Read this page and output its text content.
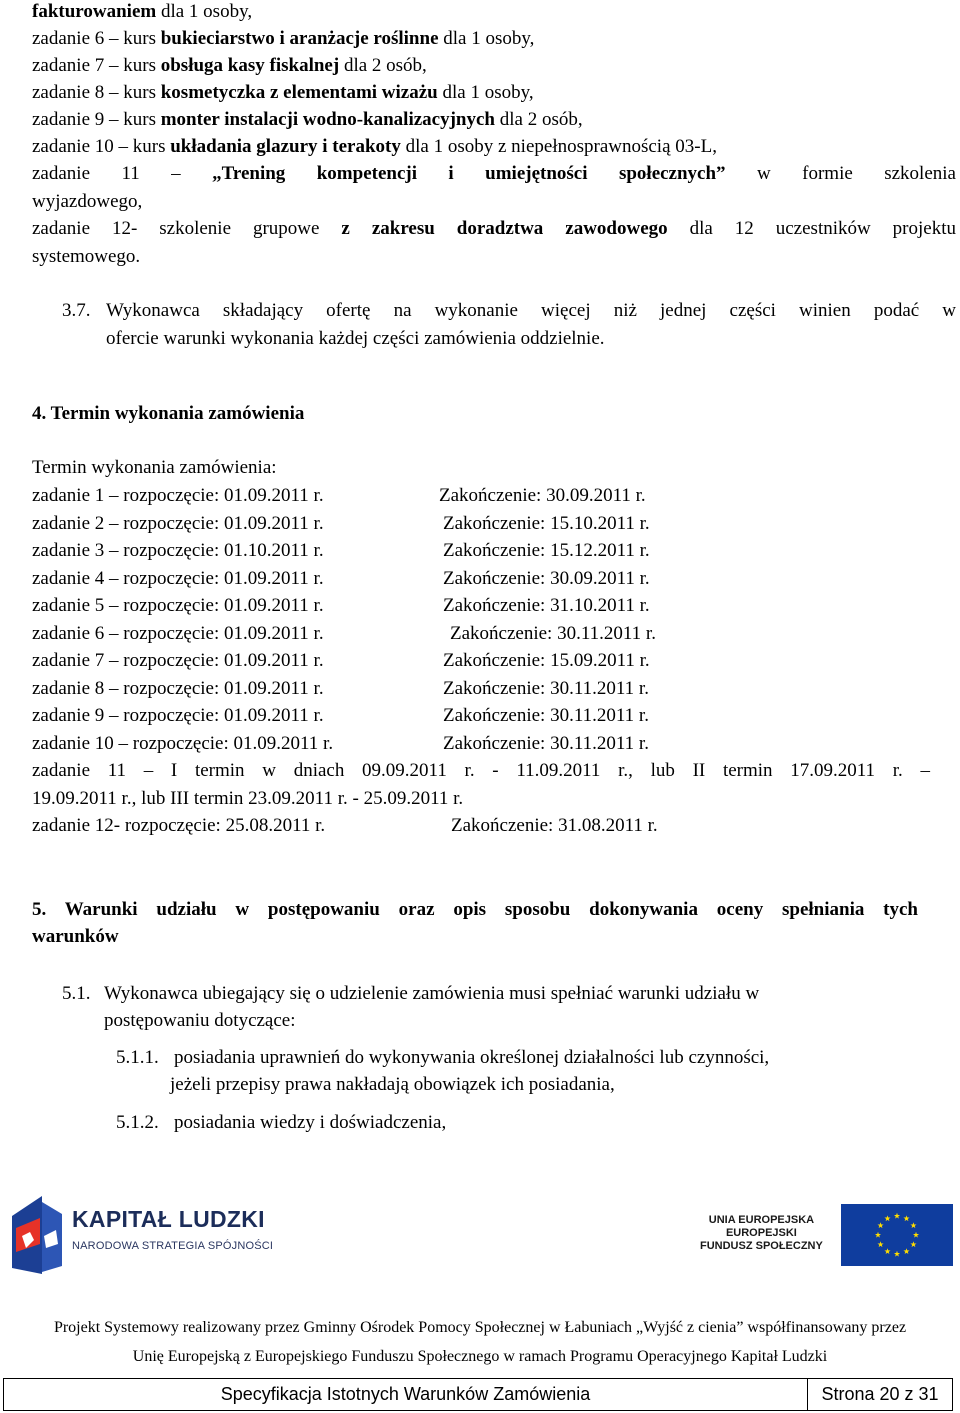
fakturowaniem dla 1 osoby,
zadanie 6 – kurs bukieciarstwo i aranżacje roślinne dla 1 osoby,
zadanie 7 – kurs obsługa kasy fiskalnej dla 2 osób,
zadanie 8 – kurs kosmetyczka z elementami wizażu dla 1 osoby,
zadanie 9 – kurs monter instalacji wodno-kanalizacyjnych dla 2 osób,
zadanie 10 – kurs układania glazury i terakoty dla 1 osoby z niepełnosprawnością 03-L,
zadanie 11 – „Trening kompetencji i umiejętności społecznych” w formie szkolenia
wyjazdowego,
zadanie 12- szkolenie grupowe z zakresu doradztwa zawodowego dla 12 uczestników projektu
systemowego.
3.7. Wykonawca składający ofertę na wykonanie więcej niż jednej części winien podać w
ofercie warunki wykonania każdej części zamówienia oddzielnie.
4. Termin wykonania zamówienia
Termin wykonania zamówienia:
zadanie 1 – rozpoczęcie: 01.09.2011 r.	Zakończenie: 30.09.2011 r.
zadanie 2 – rozpoczęcie: 01.09.2011 r.	Zakończenie: 15.10.2011 r.
zadanie 3 – rozpoczęcie: 01.10.2011 r.	Zakończenie: 15.12.2011 r.
zadanie 4 – rozpoczęcie: 01.09.2011 r.	Zakończenie: 30.09.2011 r.
zadanie 5 – rozpoczęcie: 01.09.2011 r.	Zakończenie: 31.10.2011 r.
zadanie 6 – rozpoczęcie: 01.09.2011 r.	Zakończenie: 30.11.2011 r.
zadanie 7 – rozpoczęcie: 01.09.2011 r.	Zakończenie: 15.09.2011 r.
zadanie 8 – rozpoczęcie: 01.09.2011 r.	Zakończenie: 30.11.2011 r.
zadanie 9 – rozpoczęcie: 01.09.2011 r.	Zakończenie: 30.11.2011 r.
zadanie 10 – rozpoczęcie: 01.09.2011 r.	Zakończenie: 30.11.2011 r.
zadanie 11 – I termin w dniach 09.09.2011 r. - 11.09.2011 r., lub II termin 17.09.2011 r. –
19.09.2011 r., lub III termin 23.09.2011 r. - 25.09.2011 r.
zadanie 12- rozpoczęcie: 25.08.2011 r.	Zakończenie: 31.08.2011 r.
5. Warunki udziału w postępowaniu oraz opis sposobu dokonywania oceny spełniania tych
warunków
5.1. Wykonawca ubiegający się o udzielenie zamówienia musi spełniać warunki udziału w
postępowaniu dotyczące:
5.1.1. posiadania uprawnień do wykonywania określonej działalności lub czynności,
jeżeli przepisy prawa nakładają obowiązek ich posiadania,
5.1.2. posiadania wiedzy i doświadczenia,
KAPITAŁ LUDZKI
NARODOWA STRATEGIA SPÓJNOŚCI
UNIA EUROPEJSKA
EUROPEJSKI
FUNDUSZ SPOŁECZNY
Projekt Systemowy realizowany przez Gminny Ośrodek Pomocy Społecznej w Łabuniach „Wyjść z cienia” współfinansowany przez
Unię Europejską z Europejskiego Funduszu Społecznego w ramach Programu Operacyjnego Kapitał Ludzki
Specyfikacja Istotnych Warunków Zamówienia	Strona 20 z 31
